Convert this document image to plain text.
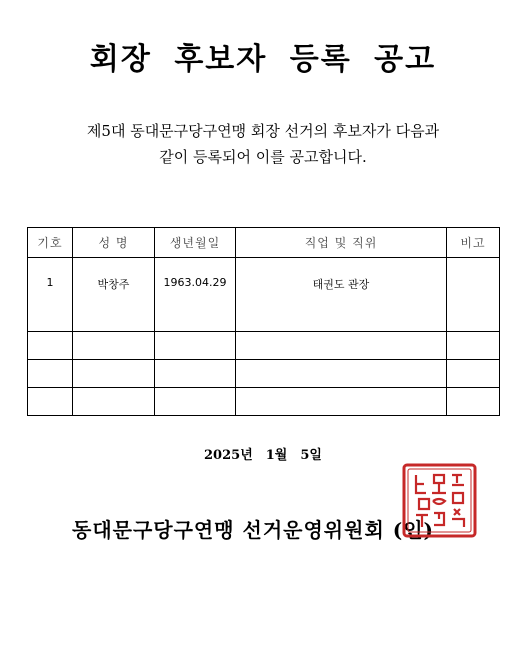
회장 후보자 등록 공고
제5대 동대문구당구연맹 회장 선거의 후보자가 다음과
같이 등록되어 이를 공고합니다.
기호	성 명	생년월일	직업 및 직위	비고
1	박창주	1963.04.29	태권도 관장	

2025년　1월　5일
동대문구당구연맹 선거운영위원회 (인)
